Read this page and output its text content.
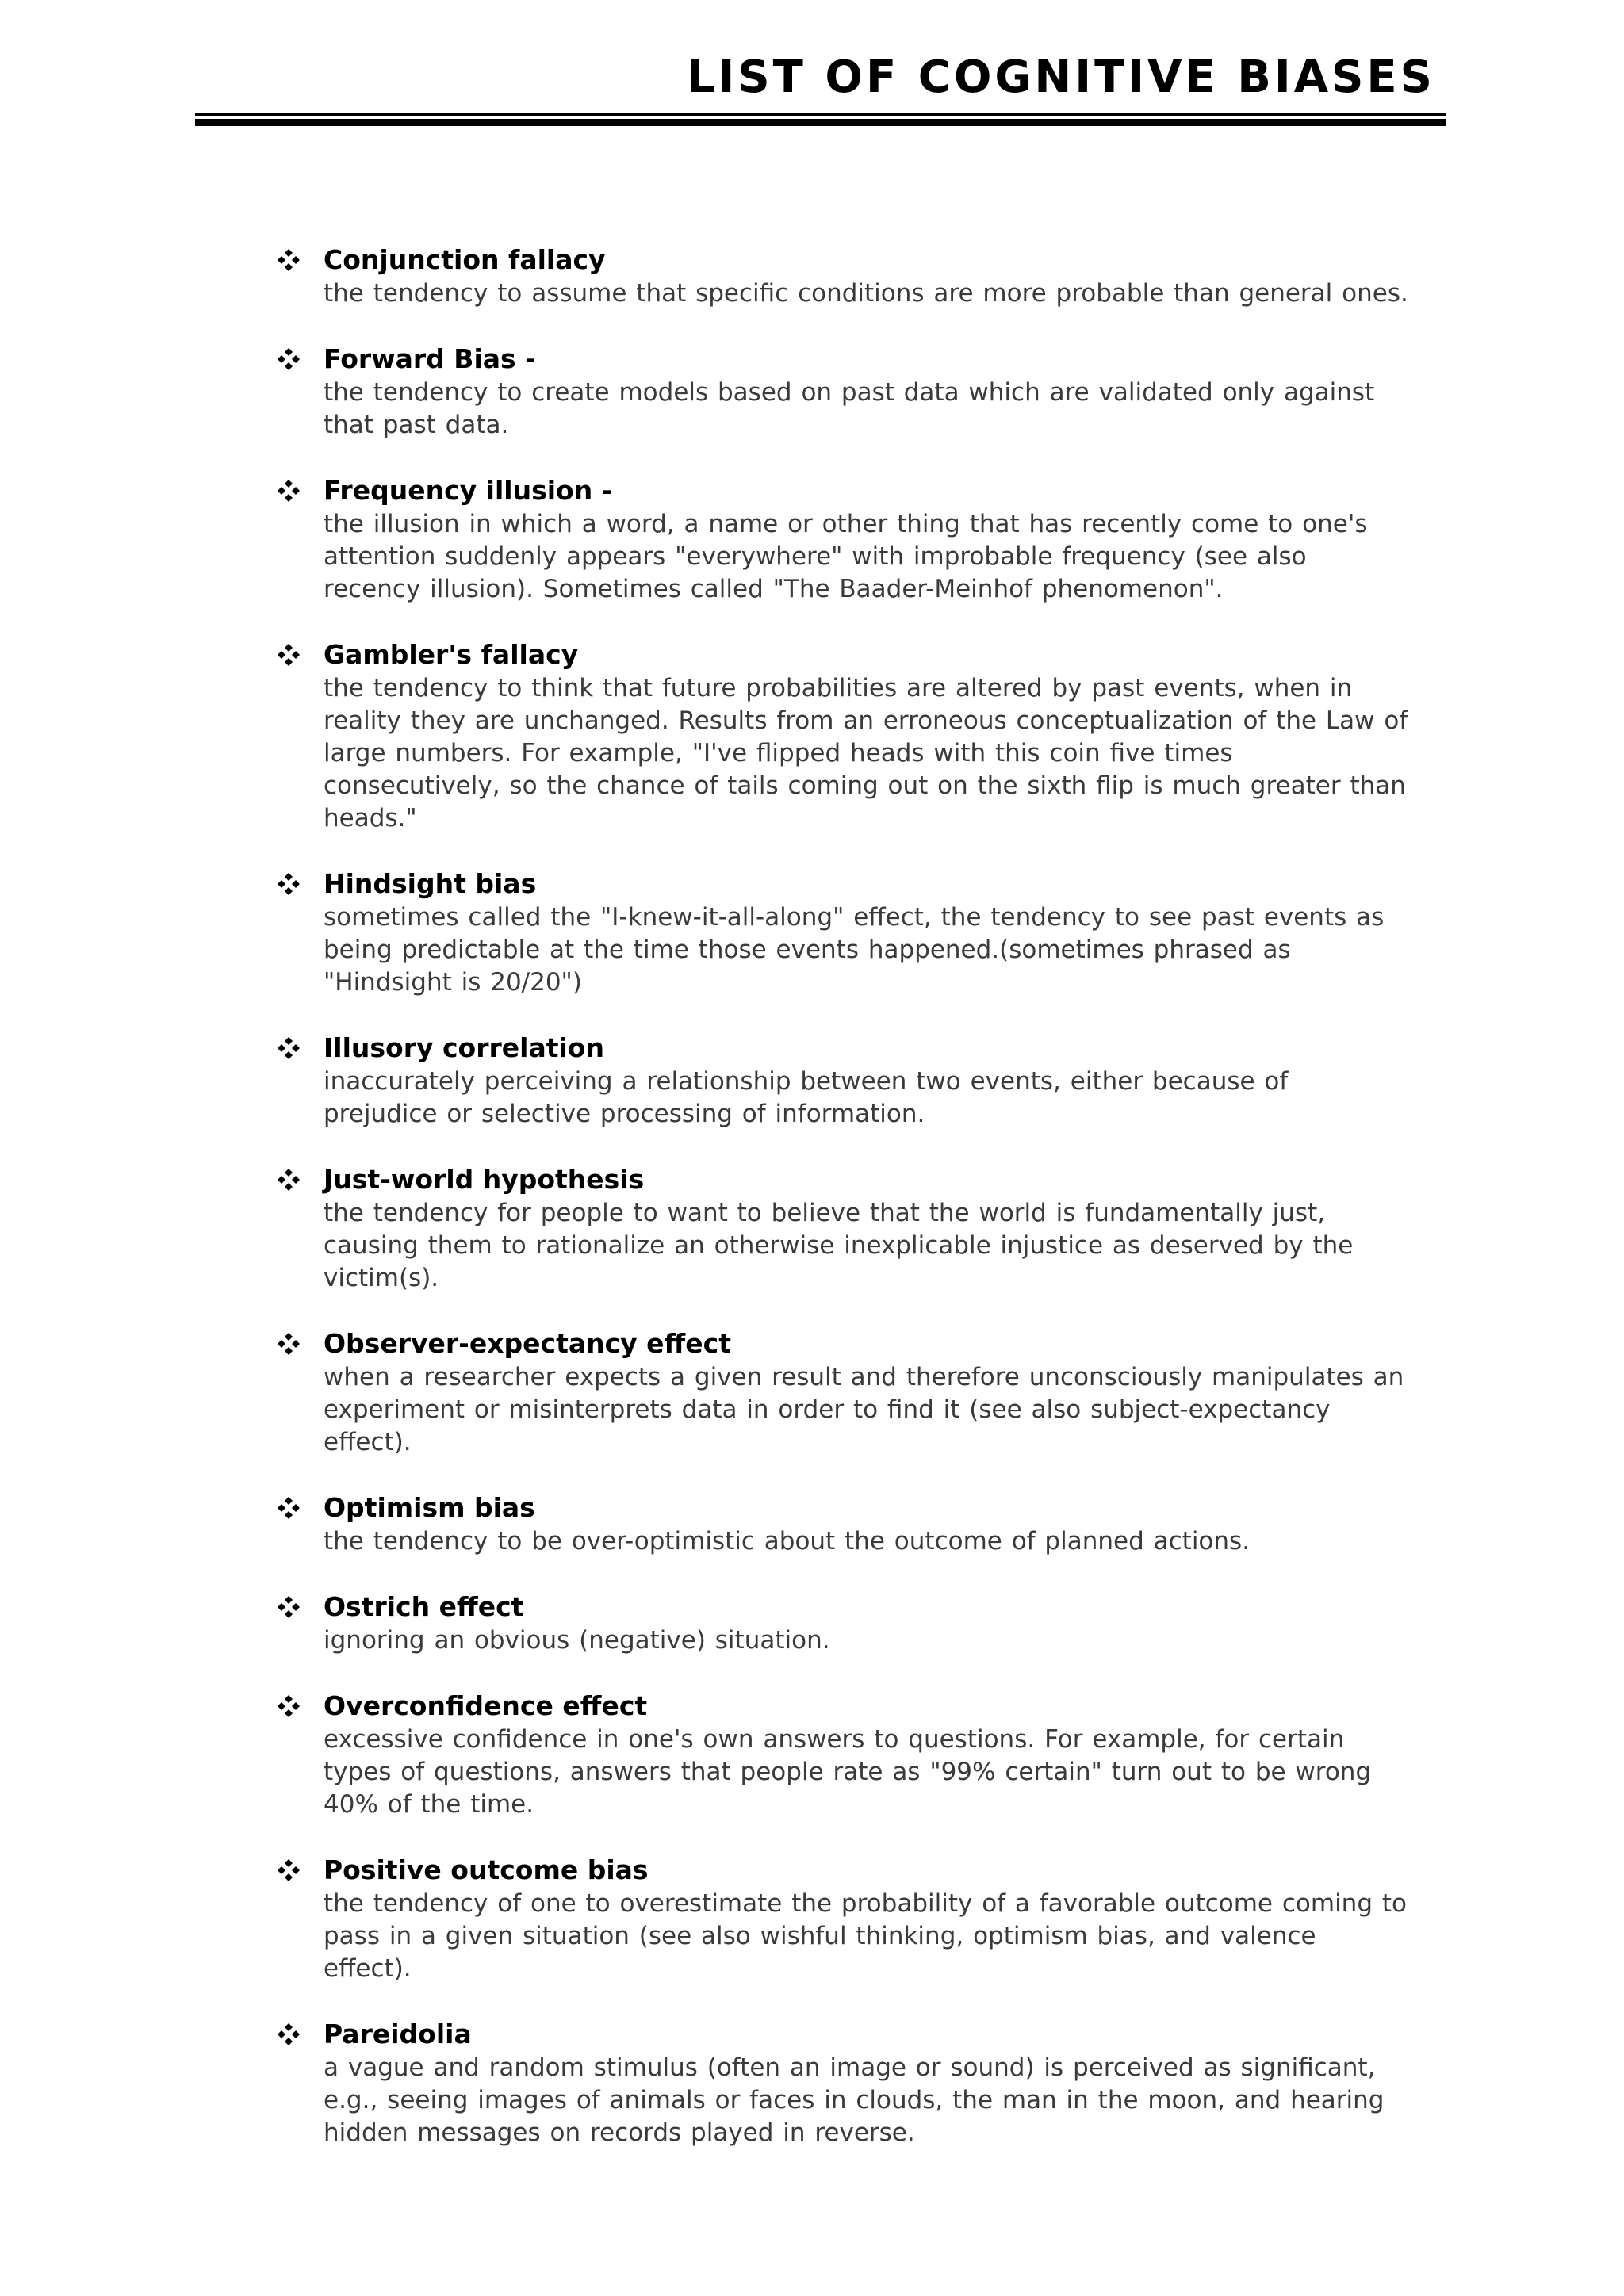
LIST OF COGNITIVE BIASES
Conjunction fallacy
the tendency to assume that specific conditions are more probable than general ones.
Forward Bias -
the tendency to create models based on past data which are validated only against
that past data.
Frequency illusion -
the illusion in which a word, a name or other thing that has recently come to one's
attention suddenly appears "everywhere" with improbable frequency (see also
recency illusion). Sometimes called "The Baader-Meinhof phenomenon".
Gambler's fallacy
the tendency to think that future probabilities are altered by past events, when in
reality they are unchanged. Results from an erroneous conceptualization of the Law of
large numbers. For example, "I've flipped heads with this coin five times
consecutively, so the chance of tails coming out on the sixth flip is much greater than
heads."
Hindsight bias
sometimes called the "I-knew-it-all-along" effect, the tendency to see past events as
being predictable at the time those events happened.(sometimes phrased as
"Hindsight is 20/20")
Illusory correlation
inaccurately perceiving a relationship between two events, either because of
prejudice or selective processing of information.
Just-world hypothesis
the tendency for people to want to believe that the world is fundamentally just,
causing them to rationalize an otherwise inexplicable injustice as deserved by the
victim(s).
Observer-expectancy effect
when a researcher expects a given result and therefore unconsciously manipulates an
experiment or misinterprets data in order to find it (see also subject-expectancy
effect).
Optimism bias
the tendency to be over-optimistic about the outcome of planned actions.
Ostrich effect
ignoring an obvious (negative) situation.
Overconfidence effect
excessive confidence in one's own answers to questions. For example, for certain
types of questions, answers that people rate as "99% certain" turn out to be wrong
40% of the time.
Positive outcome bias
the tendency of one to overestimate the probability of a favorable outcome coming to
pass in a given situation (see also wishful thinking, optimism bias, and valence
effect).
Pareidolia
a vague and random stimulus (often an image or sound) is perceived as significant,
e.g., seeing images of animals or faces in clouds, the man in the moon, and hearing
hidden messages on records played in reverse.
